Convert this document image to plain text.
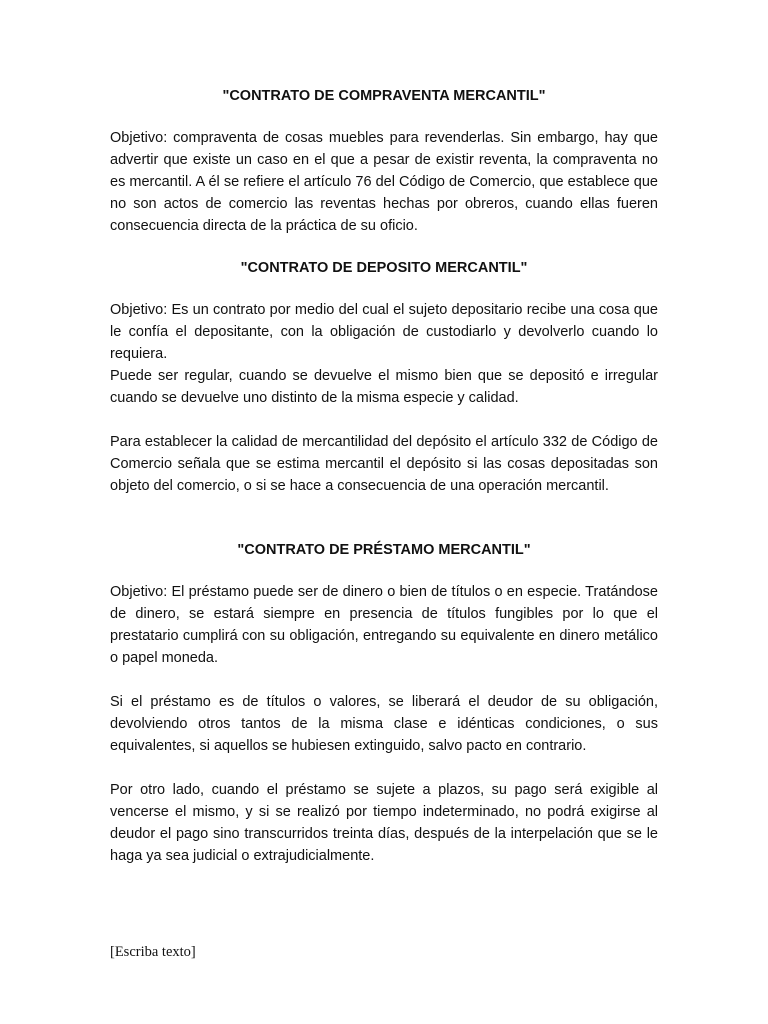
"CONTRATO DE COMPRAVENTA MERCANTIL"

Objetivo: compraventa de cosas muebles para revenderlas. Sin embargo, hay que advertir que existe un caso en el que a pesar de existir reventa, la compraventa no es mercantil. A él se refiere el artículo 76 del Código de Comercio, que establece que no son actos de comercio las reventas hechas por obreros, cuando ellas fueren consecuencia directa de la práctica de su oficio.

"CONTRATO DE DEPOSITO MERCANTIL"

Objetivo: Es un contrato por medio del cual el sujeto depositario recibe una cosa que le confía el depositante, con la obligación de custodiarlo y devolverlo cuando lo requiera.

Puede ser regular, cuando se devuelve el mismo bien que se depositó e irregular cuando se devuelve uno distinto de la misma especie y calidad.

Para establecer la calidad de mercantilidad del depósito el artículo 332 de Código de Comercio señala que se estima mercantil el depósito si las cosas depositadas son objeto del comercio, o si se hace a consecuencia de una operación mercantil.

"CONTRATO DE PRÉSTAMO MERCANTIL"

Objetivo: El préstamo puede ser de dinero o bien de títulos o en especie. Tratándose de dinero, se estará siempre en presencia de títulos fungibles por lo que el prestatario cumplirá con su obligación, entregando su equivalente en dinero metálico o papel moneda.

Si el préstamo es de títulos o valores, se liberará el deudor de su obligación, devolviendo otros tantos de la misma clase e idénticas condiciones, o sus equivalentes, si aquellos se hubiesen extinguido, salvo pacto en contrario.

Por otro lado, cuando el préstamo se sujete a plazos, su pago será exigible al vencerse el mismo, y si se realizó por tiempo indeterminado, no podrá exigirse al deudor el pago sino transcurridos treinta días, después de la interpelación que se le haga ya sea judicial o extrajudicialmente.

[Escriba texto]
